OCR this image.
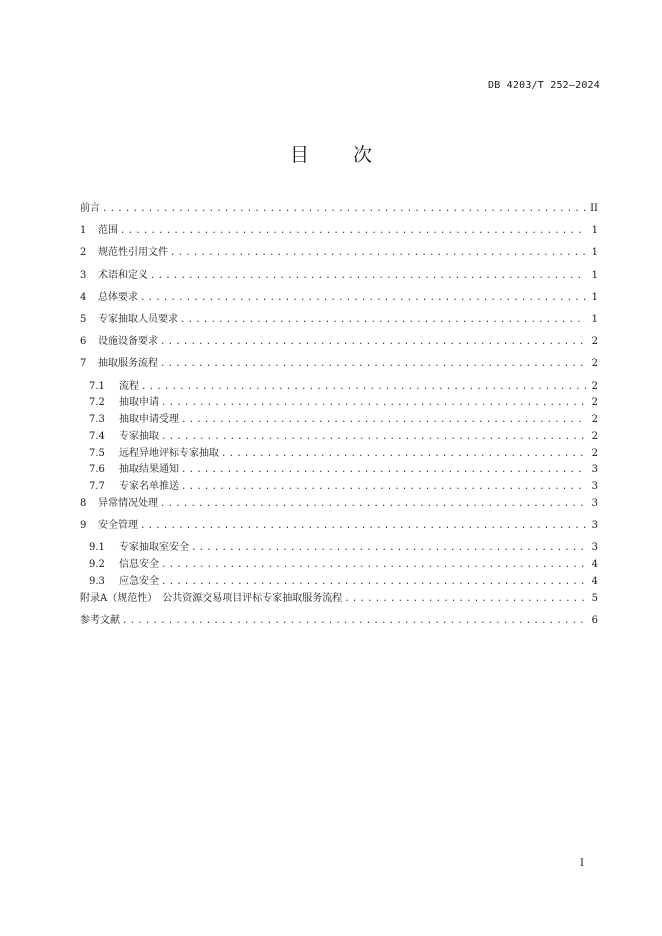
DB 4203/T 252—2024
目次
前言 .....	II
1	范围 .....	1
2	规范性引用文件 .....	1
3	术语和定义 .....	1
4	总体要求 .....	1
5	专家抽取人员要求 .....	1
6	设施设备要求 .....	2
7	抽取服务流程 .....	2
7.1	流程 .....	2
7.2	抽取申请 .....	2
7.3	抽取申请受理 .....	2
7.4	专家抽取 .....	2
7.5	远程异地评标专家抽取 .....	2
7.6	抽取结果通知 .....	3
7.7	专家名单推送 .....	3
8	异常情况处理 .....	3
9	安全管理 .....	3
9.1	专家抽取室安全 .....	3
9.2	信息安全 .....	4
9.3	应急安全 .....	4
附录A（规范性）　公共资源交易项目评标专家抽取服务流程 .....	5
参考文献 .....	6
I
